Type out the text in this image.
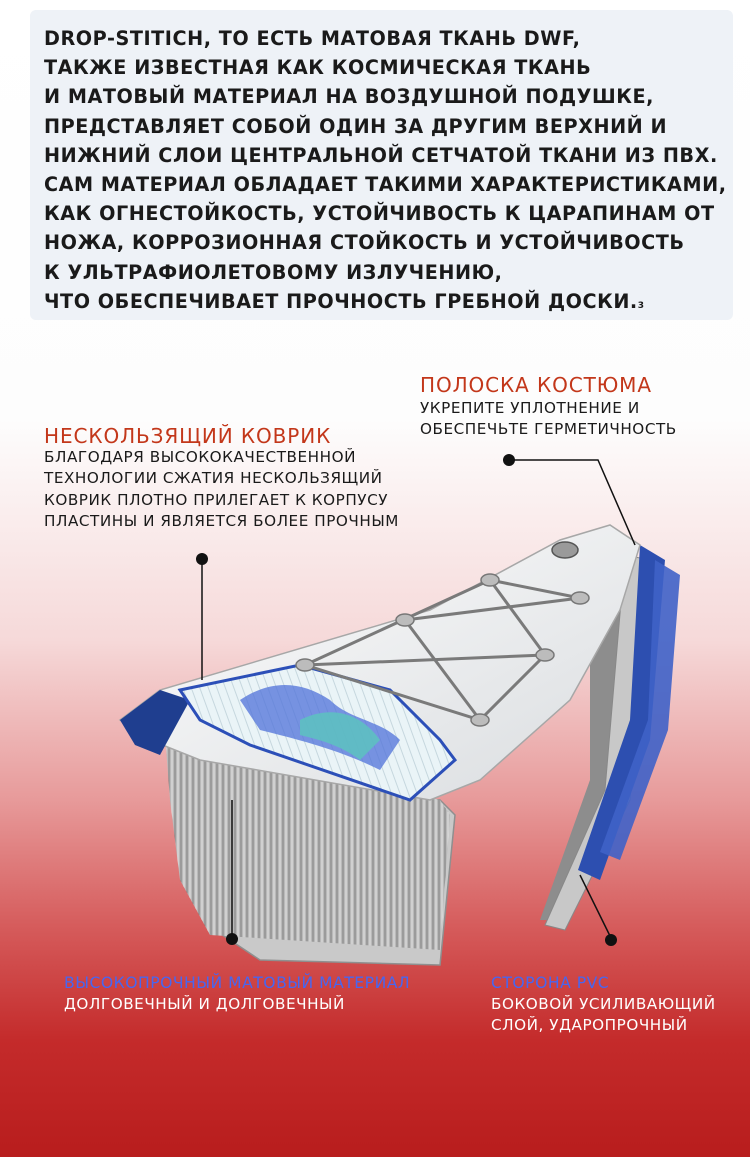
DROP-STITICH, ТО ЕСТЬ МАТОВАЯ ТКАНЬ DWF,
ТАКЖЕ ИЗВЕСТНАЯ КАК КОСМИЧЕСКАЯ ТКАНЬ
И МАТОВЫЙ МАТЕРИАЛ НА ВОЗДУШНОЙ ПОДУШКЕ,
ПРЕДСТАВЛЯЕТ СОБОЙ ОДИН ЗА ДРУГИМ ВЕРХНИЙ И
НИЖНИЙ СЛОИ ЦЕНТРАЛЬНОЙ СЕТЧАТОЙ ТКАНИ ИЗ ПВХ.
САМ МАТЕРИАЛ ОБЛАДАЕТ ТАКИМИ ХАРАКТЕРИСТИКАМИ,
КАК ОГНЕСТОЙКОСТЬ, УСТОЙЧИВОСТЬ К ЦАРАПИНАМ ОТ
НОЖА, КОРРОЗИОННАЯ СТОЙКОСТЬ И УСТОЙЧИВОСТЬ
К УЛЬТРАФИОЛЕТОВОМУ ИЗЛУЧЕНИЮ,
ЧТО ОБЕСПЕЧИВАЕТ ПРОЧНОСТЬ ГРЕБНОЙ ДОСКИ.3
ПОЛОСКА КОСТЮМА
УКРЕПИТЕ УПЛОТНЕНИЕ И
ОБЕСПЕЧЬТЕ ГЕРМЕТИЧНОСТЬ
НЕСКОЛЬЗЯЩИЙ КОВРИК
БЛАГОДАРЯ ВЫСОКОКАЧЕСТВЕННОЙ
ТЕХНОЛОГИИ СЖАТИЯ НЕСКОЛЬЗЯЩИЙ
КОВРИК ПЛОТНО ПРИЛЕГАЕТ К КОРПУСУ
ПЛАСТИНЫ И ЯВЛЯЕТСЯ БОЛЕЕ ПРОЧНЫМ
ВЫСОКОПРОЧНЫЙ МАТОВЫЙ МАТЕРИАЛ
ДОЛГОВЕЧНЫЙ И ДОЛГОВЕЧНЫЙ
СТОРОНА PVC
БОКОВОЙ УСИЛИВАЮЩИЙ
СЛОЙ, УДАРОПРОЧНЫЙ
